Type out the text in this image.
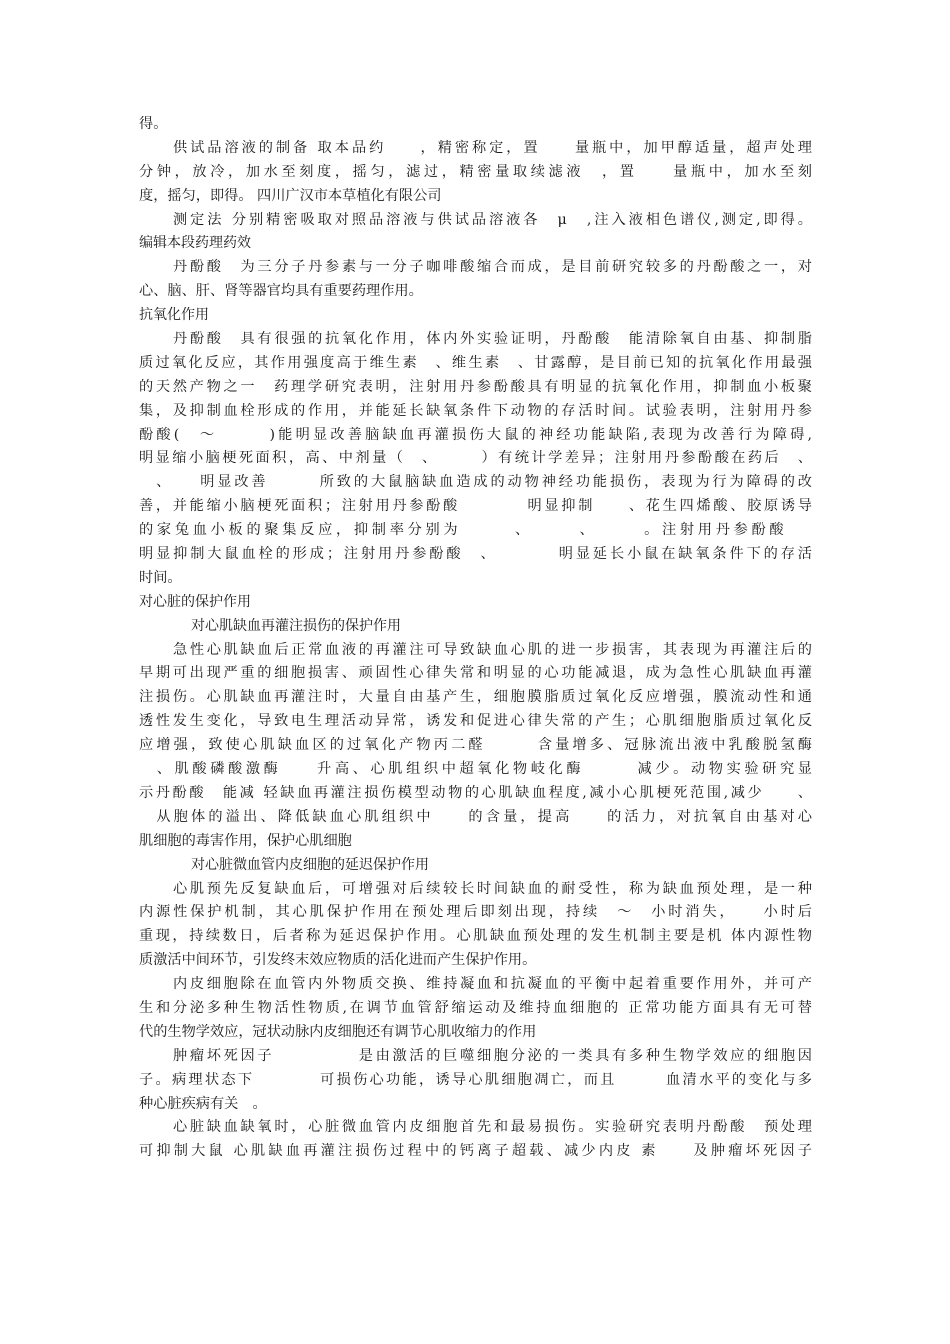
得。
供试品溶液的制备 取本品约　　，精密称定，置　　量瓶中，加甲醇适量，超声处理
分钟，放冷，加水至刻度，摇匀，滤过，精密量取续滤液　，置　　量瓶中，加水至刻
度，摇匀，即得。 四川广汉市本草植化有限公司
测定法 分别精密吸取对照品溶液与供试品溶液各　μ　,注入液相色谱仪,测定,即得。
编辑本段药理药效
丹酚酸　为三分子丹参素与一分子咖啡酸缩合而成，是目前研究较多的丹酚酸之一，对
心、脑、肝、肾等器官均具有重要药理作用。
抗氧化作用
丹酚酸　具有很强的抗氧化作用，体内外实验证明，丹酚酸　能清除氧自由基、抑制脂
质过氧化反应，其作用强度高于维生素　、维生素　、甘露醇，是目前已知的抗氧化作用最强
的天然产物之一　药理学研究表明，注射用丹参酚酸具有明显的抗氧化作用，抑制血小板聚
集，及抑制血栓形成的作用，并能延长缺氧条件下动物的存活时间。试验表明，注射用丹参
酚酸(　～　　　)能明显改善脑缺血再灌损伤大鼠的神经功能缺陷,表现为改善行为障碍,
明显缩小脑梗死面积，高、中剂量（　、　　　）有统计学差异；注射用丹参酚酸在药后　、
　、　　明显改善　　　所致的大鼠脑缺血造成的动物神经功能损伤，表现为行为障碍的改
善，并能缩小脑梗死面积；注射用丹参酚酸　　　　明显抑制　　、花生四烯酸、胶原诱导
的家兔血小板的聚集反应，抑制率分别为　　　、　　　、　　　。注射用丹参酚酸　　
明显抑制大鼠血栓的形成；注射用丹参酚酸　、　　　　明显延长小鼠在缺氧条件下的存活
时间。
对心脏的保护作用
对心肌缺血再灌注损伤的保护作用
急性心肌缺血后正常血液的再灌注可导致缺血心肌的进一步损害，其表现为再灌注后的
早期可出现严重的细胞损害、顽固性心律失常和明显的心功能减退，成为急性心肌缺血再灌
注损伤。心肌缺血再灌注时，大量自由基产生，细胞膜脂质过氧化反应增强，膜流动性和通
透性发生变化，导致电生理活动异常，诱发和促进心律失常的产生；心肌细胞脂质过氧化反
应增强，致使心肌缺血区的过氧化产物丙二醛　　　含量增多、冠脉流出液中乳酸脱氢酶
　、肌酸磷酸激酶　　升高、心肌组织中超氧化物岐化酶　　　减少。动物实验研究显
示丹酚酸　能减 轻缺血再灌注损伤模型动物的心肌缺血程度,减小心肌梗死范围,减少　　、
　从胞体的溢出、降低缺血心肌组织中　　的含量，提高　　的活力，对抗氧自由基对心
肌细胞的毒害作用，保护心肌细胞
对心脏微血管内皮细胞的延迟保护作用
心肌预先反复缺血后，可增强对后续较长时间缺血的耐受性，称为缺血预处理，是一种
内源性保护机制，其心肌保护作用在预处理后即刻出现，持续　～　小时消失，　　小时后
重现，持续数日，后者称为延迟保护作用。心肌缺血预处理的发生机制主要是机 体内源性物
质激活中间环节，引发终末效应物质的活化进而产生保护作用。
内皮细胞除在血管内外物质交换、维持凝血和抗凝血的平衡中起着重要作用外，并可产
生和分泌多种生物活性物质,在调节血管舒缩运动及维持血细胞的 正常功能方面具有无可替
代的生物学效应，冠状动脉内皮细胞还有调节心肌收缩力的作用
肿瘤坏死因子　　　　　是由激活的巨噬细胞分泌的一类具有多种生物学效应的细胞因
子。病理状态下　　　　可损伤心功能，诱导心肌细胞凋亡，而且　　　血清水平的变化与多
种心脏疾病有关　。
心脏缺血缺氧时，心脏微血管内皮细胞首先和最易损伤。实验研究表明丹酚酸　预处理
可抑制大鼠 心肌缺血再灌注损伤过程中的钙离子超载、减少内皮 素　　及肿瘤坏死因子
